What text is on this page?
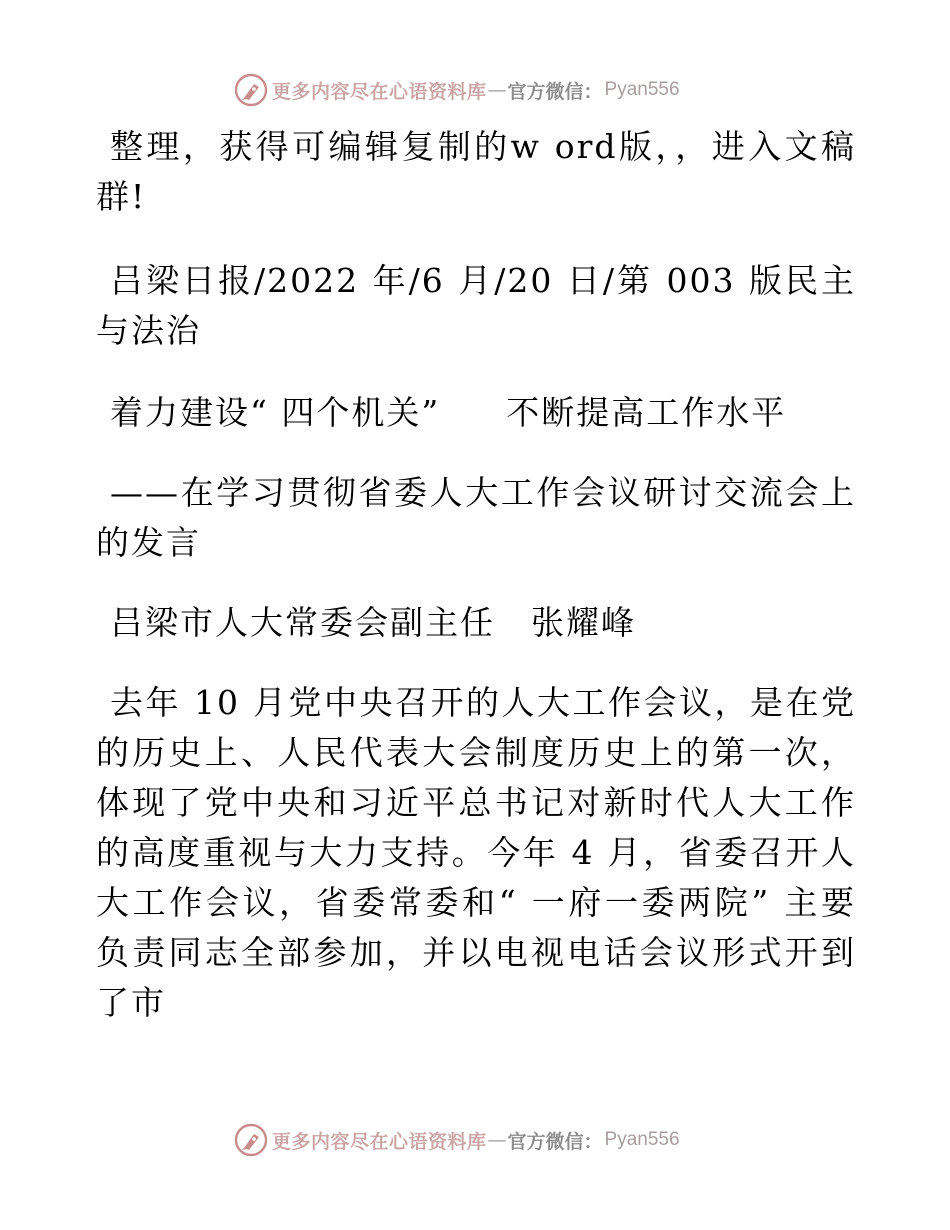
更多内容尽在心语资料库 — 官方微信： Pyan556

整理，获得可编辑复制的w ord版，，进入文稿群!

吕梁日报/2022 年/6 月/20 日/第 003 版民主与法治

着力建设“ 四个机关” 不断提高工作水平

——在学习贯彻省委人大工作会议研讨交流会上的发言

吕梁市人大常委会副主任 张耀峰

去年 10 月党中央召开的人大工作会议，是在党的历史上、人民代表大会制度历史上的第一次，体现了党中央和习近平总书记对新时代人大工作的高度重视与大力支持。今年 4 月，省委召开人大工作会议，省委常委和“ 一府一委两院” 主要负责同志全部参加，并以电视电话会议形式开到了市

更多内容尽在心语资料库 — 官方微信： Pyan556
